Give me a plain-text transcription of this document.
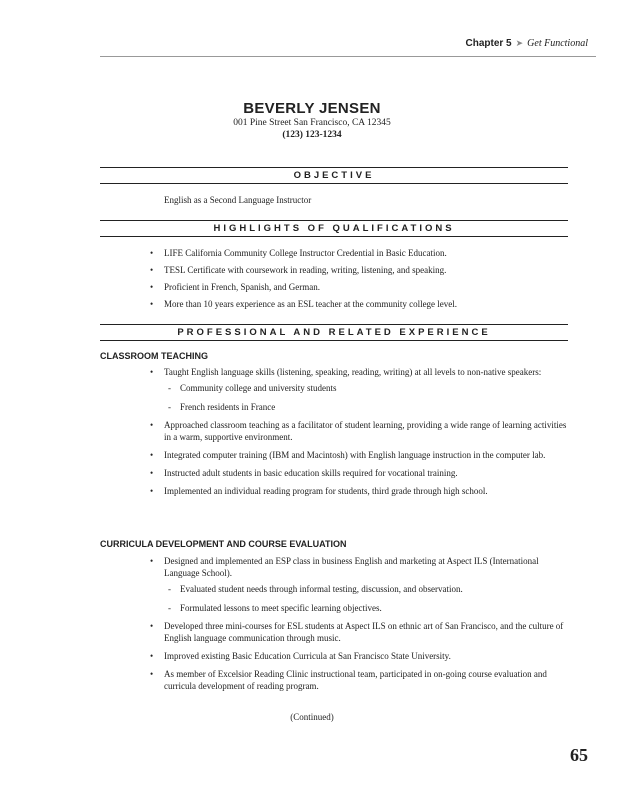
Chapter 5 ➤ Get Functional
BEVERLY JENSEN
001 Pine Street San Francisco, CA 12345
(123) 123-1234
OBJECTIVE
English as a Second Language Instructor
HIGHLIGHTS OF QUALIFICATIONS
• LIFE California Community College Instructor Credential in Basic Education.
• TESL Certificate with coursework in reading, writing, listening, and speaking.
• Proficient in French, Spanish, and German.
• More than 10 years experience as an ESL teacher at the community college level.
PROFESSIONAL AND RELATED EXPERIENCE
CLASSROOM TEACHING
• Taught English language skills (listening, speaking, reading, writing) at all levels to non-native speakers:
- Community college and university students
- French residents in France
• Approached classroom teaching as a facilitator of student learning, providing a wide range of learning activities in a warm, supportive environment.
• Integrated computer training (IBM and Macintosh) with English language instruction in the computer lab.
• Instructed adult students in basic education skills required for vocational training.
• Implemented an individual reading program for students, third grade through high school.
CURRICULA DEVELOPMENT AND COURSE EVALUATION
• Designed and implemented an ESP class in business English and marketing at Aspect ILS (International Language School).
- Evaluated student needs through informal testing, discussion, and observation.
- Formulated lessons to meet specific learning objectives.
• Developed three mini-courses for ESL students at Aspect ILS on ethnic art of San Francisco, and the culture of English language communication through music.
• Improved existing Basic Education Curricula at San Francisco State University.
• As member of Excelsior Reading Clinic instructional team, participated in on-going course evaluation and curricula development of reading program.
(Continued)
65
